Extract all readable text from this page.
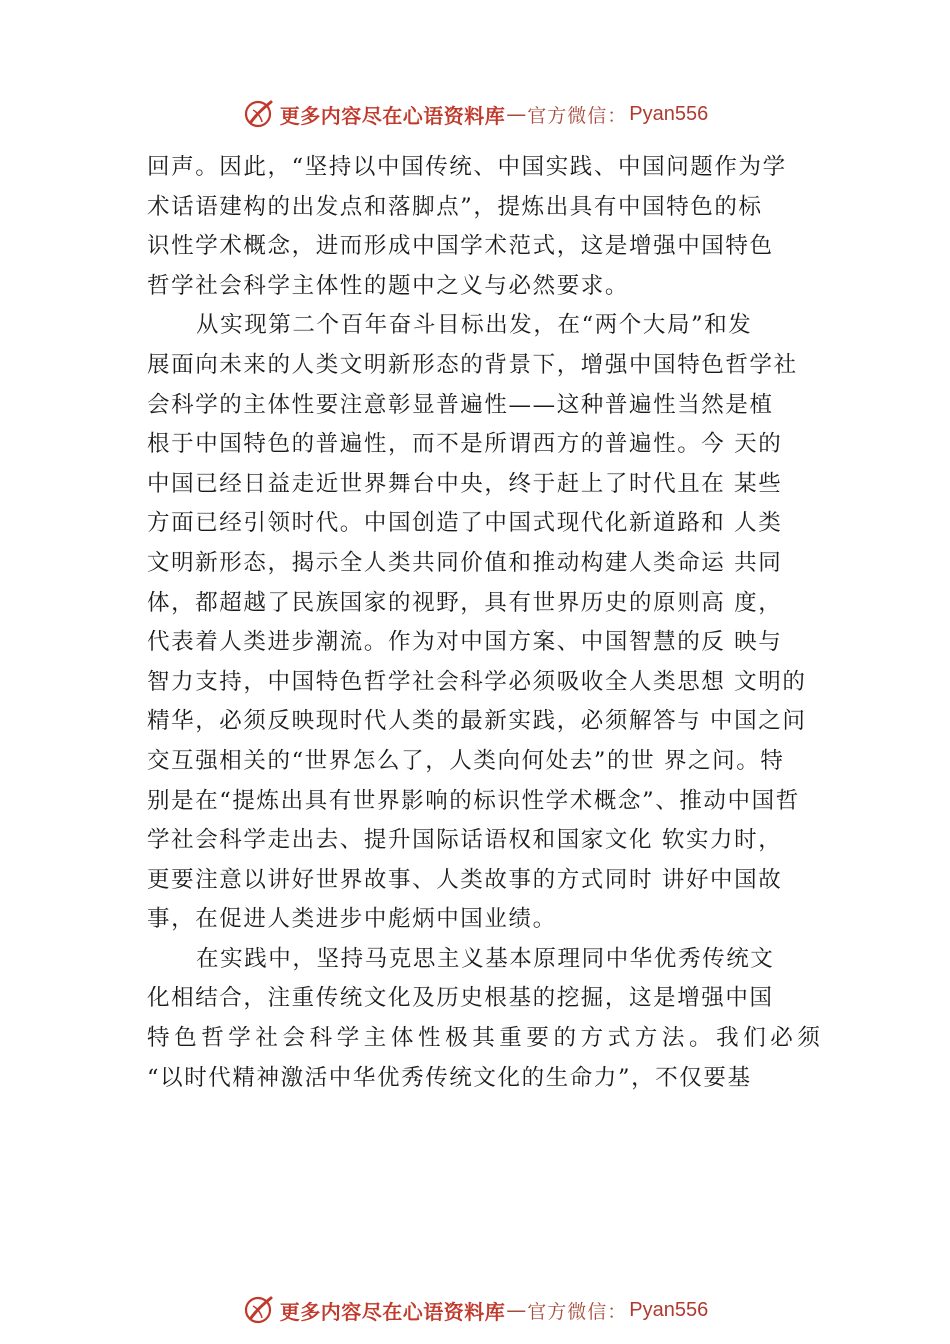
更多内容尽在心语资料库 — 官方微信： Pyan556
回声。因此，“坚持以中国传统、中国实践、中国问题作为学
术话语建构的出发点和落脚点”，提炼出具有中国特色的标
识性学术概念，进而形成中国学术范式，这是增强中国特色
哲学社会科学主体性的题中之义与必然要求。
从实现第二个百年奋斗目标出发，在“两个大局”和发
展面向未来的人类文明新形态的背景下，增强中国特色哲学社
会科学的主体性要注意彰显普遍性——这种普遍性当然是植
根于中国特色的普遍性，而不是所谓西方的普遍性。今 天的
中国已经日益走近世界舞台中央，终于赶上了时代且在 某些
方面已经引领时代。中国创造了中国式现代化新道路和 人类
文明新形态，揭示全人类共同价值和推动构建人类命运 共同
体，都超越了民族国家的视野，具有世界历史的原则高 度，
代表着人类进步潮流。作为对中国方案、中国智慧的反 映与
智力支持，中国特色哲学社会科学必须吸收全人类思想 文明的
精华，必须反映现时代人类的最新实践，必须解答与 中国之问
交互强相关的“世界怎么了，人类向何处去”的世 界之问。特
别是在“提炼出具有世界影响的标识性学术概念”、推动中国哲
学社会科学走出去、提升国际话语权和国家文化 软实力时，
更要注意以讲好世界故事、人类故事的方式同时 讲好中国故
事，在促进人类进步中彪炳中国业绩。
在实践中，坚持马克思主义基本原理同中华优秀传统文
化相结合，注重传统文化及历史根基的挖掘，这是增强中国
特色哲学社会科学主体性极其重要的方式方法。我们必须
“以时代精神激活中华优秀传统文化的生命力”，不仅要基
更多内容尽在心语资料库 — 官方微信： Pyan556
